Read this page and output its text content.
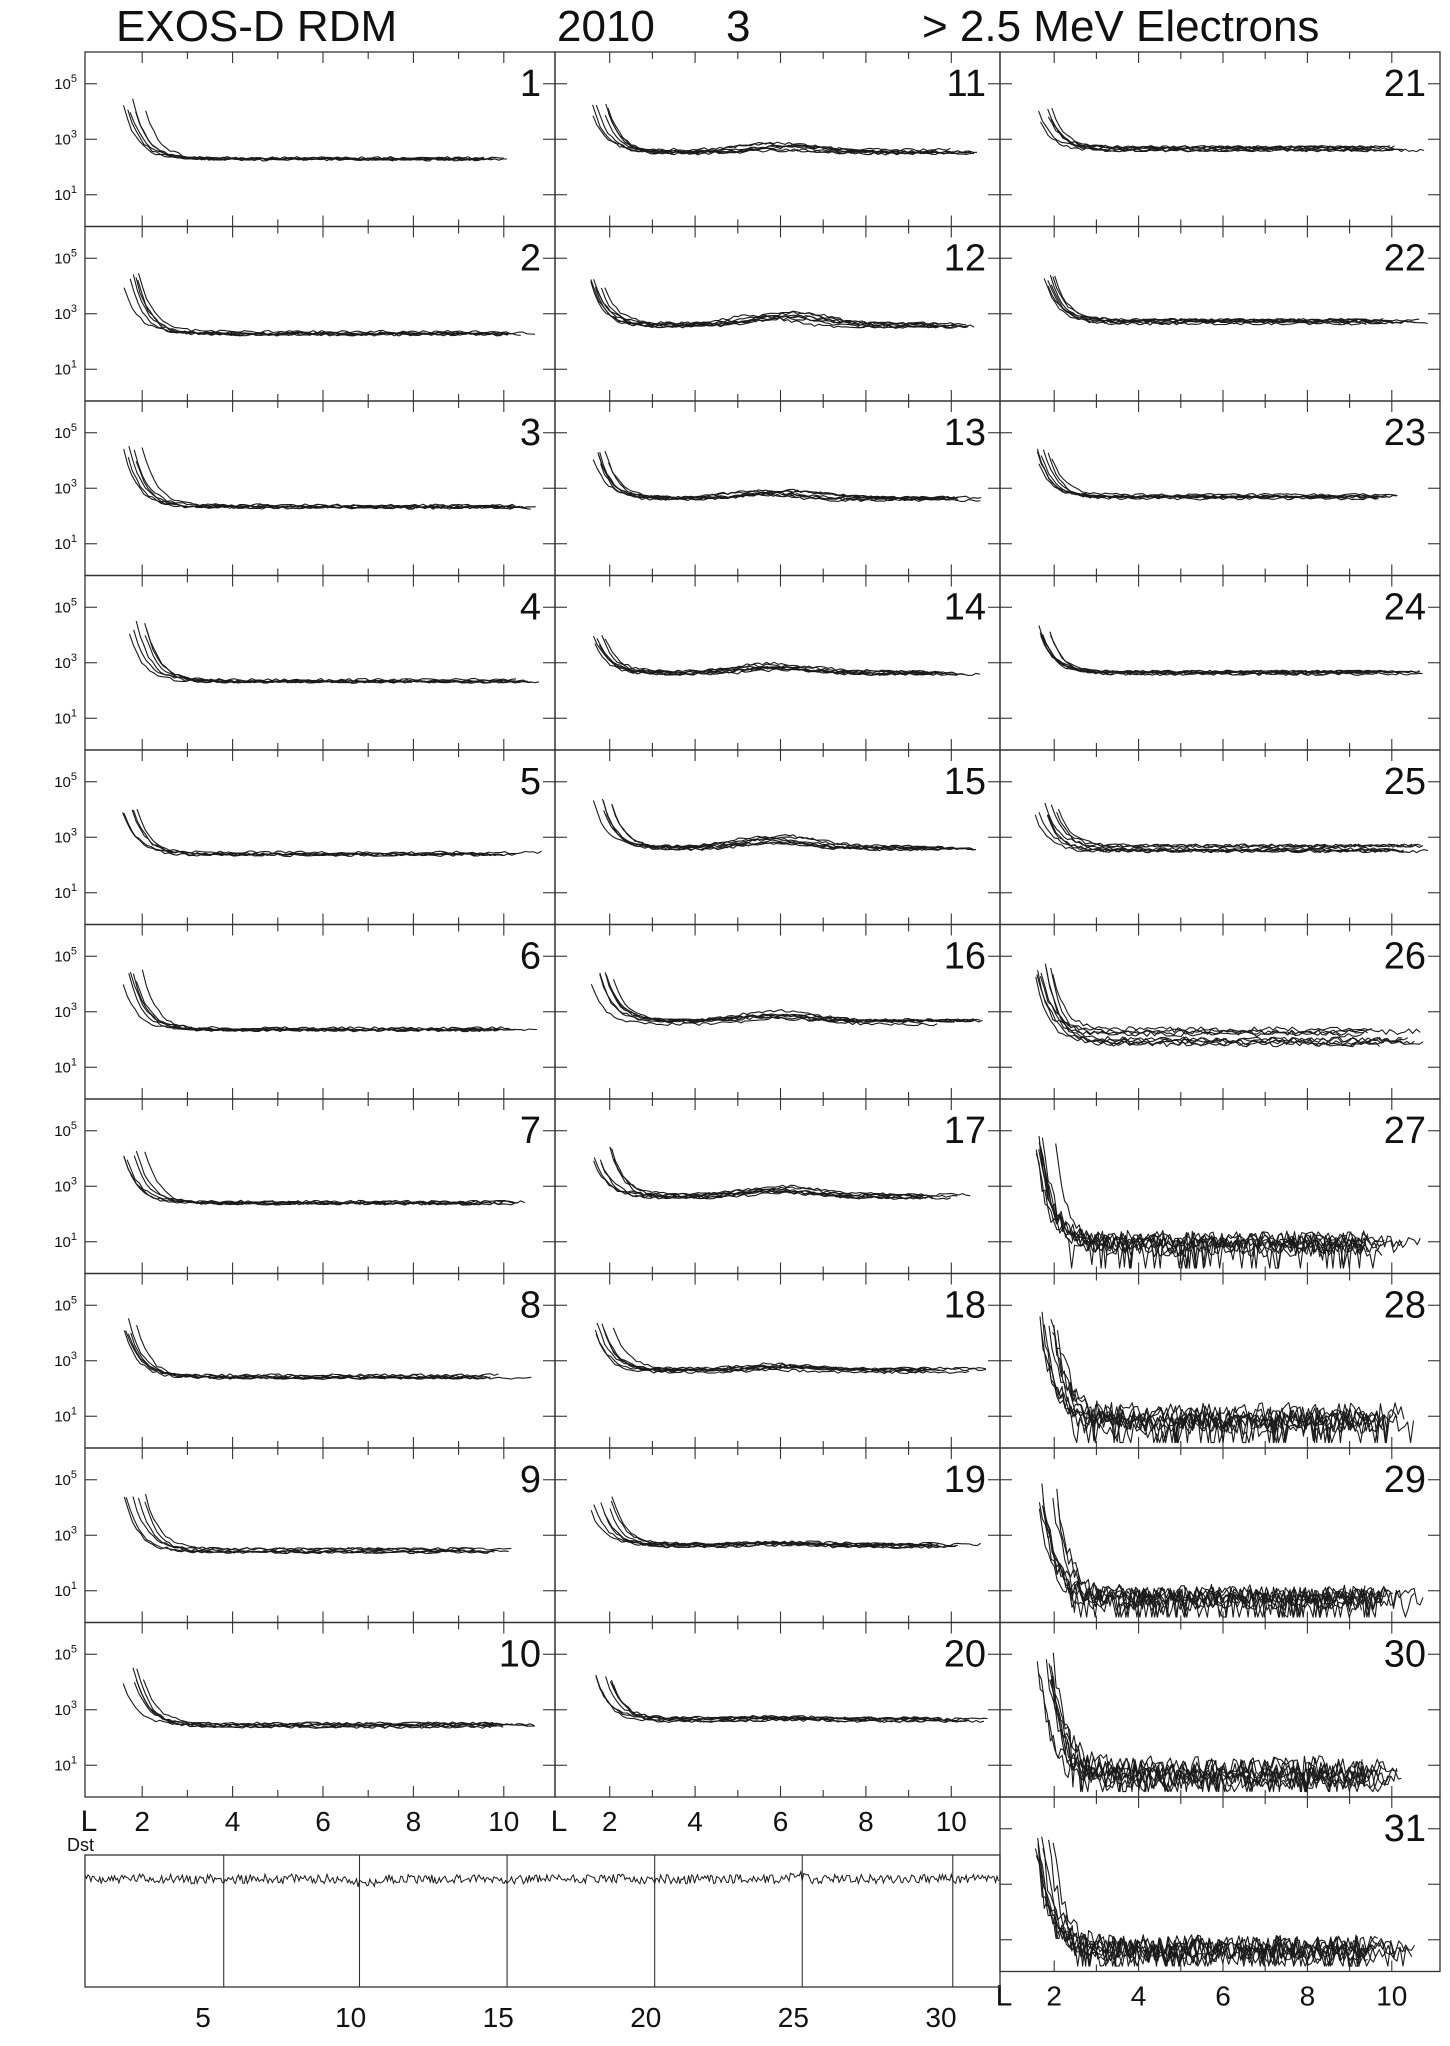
EXOS-D RDM	2010 3	> 2.5 MeV Electrons
$10^1$
$10^3$
$10^5$	1
$10^1$
$10^3$
$10^5$	2
$10^1$
$10^3$
$10^5$	3
$10^1$
$10^3$
$10^5$	4
$10^1$
$10^3$
$10^5$	5
$10^1$
$10^3$
$10^5$	6
$10^1$
$10^3$
$10^5$	7
$10^1$
$10^3$
$10^5$	8
$10^1$
$10^3$
$10^5$	9
$10^1$
$10^3$
$10^5$	10
11
12
13
14
15
16
17
18
19
20
21
22
23
24
25
26
27
28
29
30
31
L 2	4	6	8 10 L 2 4 6 8 10
L 2 4 6 8 10
Dst
5	10	15	20	25	30
